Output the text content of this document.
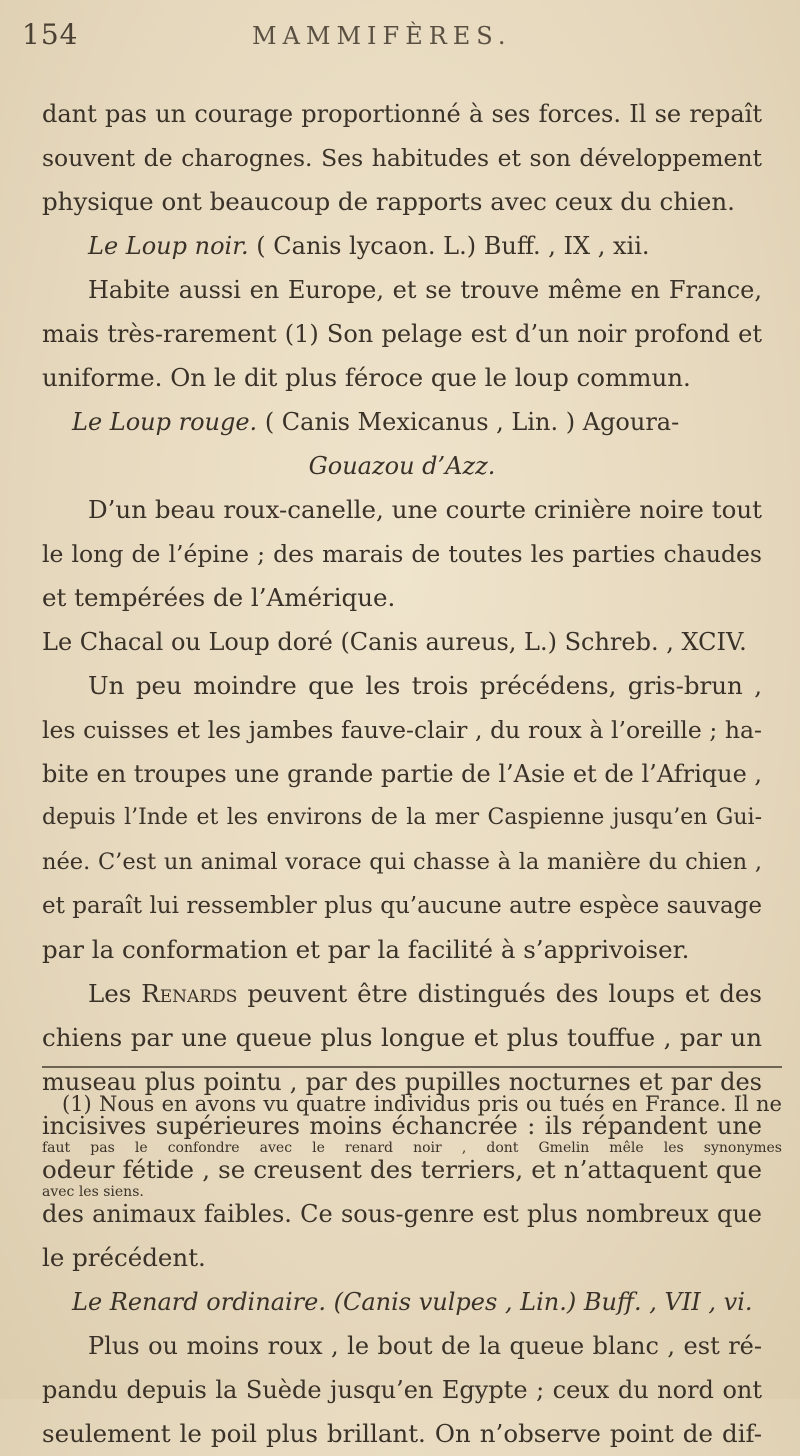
154	MAMMIFÈRES.
dant pas un courage proportionné à ses forces. Il se repaît
souvent de charognes. Ses habitudes et son développement
physique ont beaucoup de rapports avec ceux du chien.
Le Loup noir. ( Canis lycaon. L.) Buff. , IX , xii.
Habite aussi en Europe, et se trouve même en France,
mais très-rarement (1) Son pelage est d’un noir profond et
uniforme. On le dit plus féroce que le loup commun.
Le Loup rouge. ( Canis Mexicanus , Lin. ) Agoura-
Gouazou d’Azz.
D’un beau roux-canelle, une courte crinière noire tout
le long de l’épine ; des marais de toutes les parties chaudes
et tempérées de l’Amérique.
Le Chacal ou Loup doré (Canis aureus, L.) Schreb. , XCIV.
Un peu moindre que les trois précédens, gris-brun ,
les cuisses et les jambes fauve-clair , du roux à l’oreille ; ha-
bite en troupes une grande partie de l’Asie et de l’Afrique ,
depuis l’Inde et les environs de la mer Caspienne jusqu’en Gui-
née. C’est un animal vorace qui chasse à la manière du chien ,
et paraît lui ressembler plus qu’aucune autre espèce sauvage
par la conformation et par la facilité à s’apprivoiser.
Les Renards peuvent être distingués des loups et des
chiens par une queue plus longue et plus touffue , par un
museau plus pointu , par des pupilles nocturnes et par des
incisives supérieures moins échancrée : ils répandent une
odeur fétide , se creusent des terriers, et n’attaquent que
des animaux faibles. Ce sous-genre est plus nombreux que
le précédent.
Le Renard ordinaire. (Canis vulpes , Lin.) Buff. , VII , vi.
Plus ou moins roux , le bout de la queue blanc , est ré-
pandu depuis la Suède jusqu’en Egypte ; ceux du nord ont
seulement le poil plus brillant. On n’observe point de dif-
(1) Nous en avons vu quatre individus pris ou tués en France. Il ne
faut pas le confondre avec le renard noir , dont Gmelin mêle les synonymes
avec les siens.
